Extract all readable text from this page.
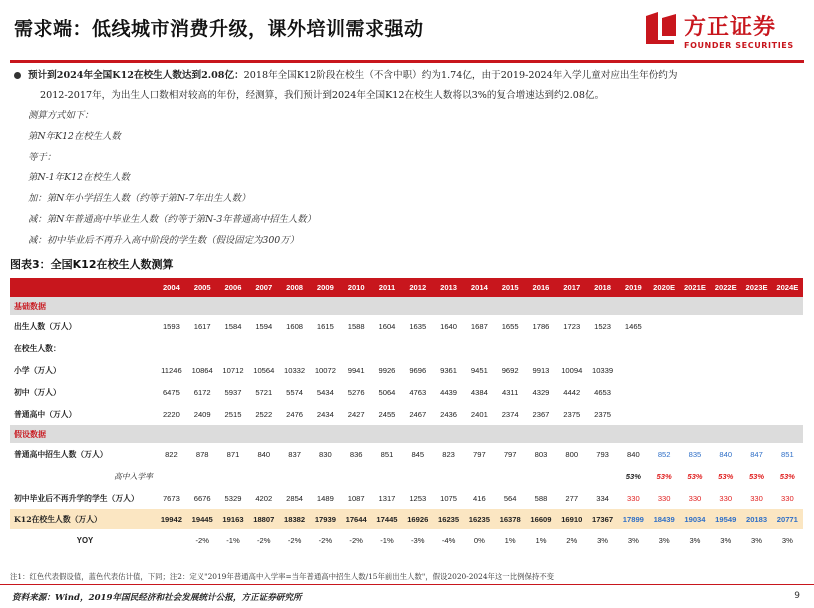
需求端：低线城市消费升级，课外培训需求强动	方正证券
FOUNDER SECURITIES
预计到2024年全国K12在校生人数达到2.08亿：2018年全国K12阶段在校生（不含中职）约为1.74亿，由于2019-2024年入学儿童对应出生年份约为
2012-2017年，为出生人口数相对较高的年份，经测算，我们预计到2024年全国K12在校生人数将以3%的复合增速达到约2.08亿。
测算方式如下：
第N年K12在校生人数
等于：
第N-1年K12在校生人数
加：第N年小学招生人数（约等于第N-7年出生人数）
减：第N年普通高中毕业生人数（约等于第N-3年普通高中招生人数）
减：初中毕业后不再升入高中阶段的学生数（假设固定为300万）
图表3：全国K12在校生人数测算
	2004	2005	2006	2007	2008	2009	2010	2011	2012	2013	2014	2015	2016	2017	2018	2019	2020E	2021E	2022E	2023E	2024E
基础数据																					
出生人数（万人）	1593	1617	1584	1594	1608	1615	1588	1604	1635	1640	1687	1655	1786	1723	1523	1465					
在校生人数：																					
小学（万人）	11246	10864	10712	10564	10332	10072	9941	9926	9696	9361	9451	9692	9913	10094	10339						
初中（万人）	6475	6172	5937	5721	5574	5434	5276	5064	4763	4439	4384	4311	4329	4442	4653						
普通高中（万人）	2220	2409	2515	2522	2476	2434	2427	2455	2467	2436	2401	2374	2367	2375	2375						
假设数据																					
普通高中招生人数（万人）	822	878	871	840	837	830	836	851	845	823	797	797	803	800	793	840	852	835	840	847	851
高中入学率																53%	53%	53%	53%	53%	53%
初中毕业后不再升学的学生（万人）	7673	6676	5329	4202	2854	1489	1087	1317	1253	1075	416	564	588	277	334	330	330	330	330	330	330
K12在校生人数（万人）	19942	19445	19163	18807	18382	17939	17644	17445	16926	16235	16235	16378	16609	16910	17367	17899	18439	19034	19549	20183	20771
YOY		-2%	-1%	-2%	-2%	-2%	-2%	-1%	-3%	-4%	0%	1%	1%	2%	3%	3%	3%	3%	3%	3%	3%
注1：红色代表假设值，蓝色代表估计值，下同；注2：定义"2019年普通高中入学率=当年普通高中招生人数/15年前出生人数"，假设2020-2024年这一比例保持不变
资料来源：Wind，2019年国民经济和社会发展统计公报，方正证券研究所	9
